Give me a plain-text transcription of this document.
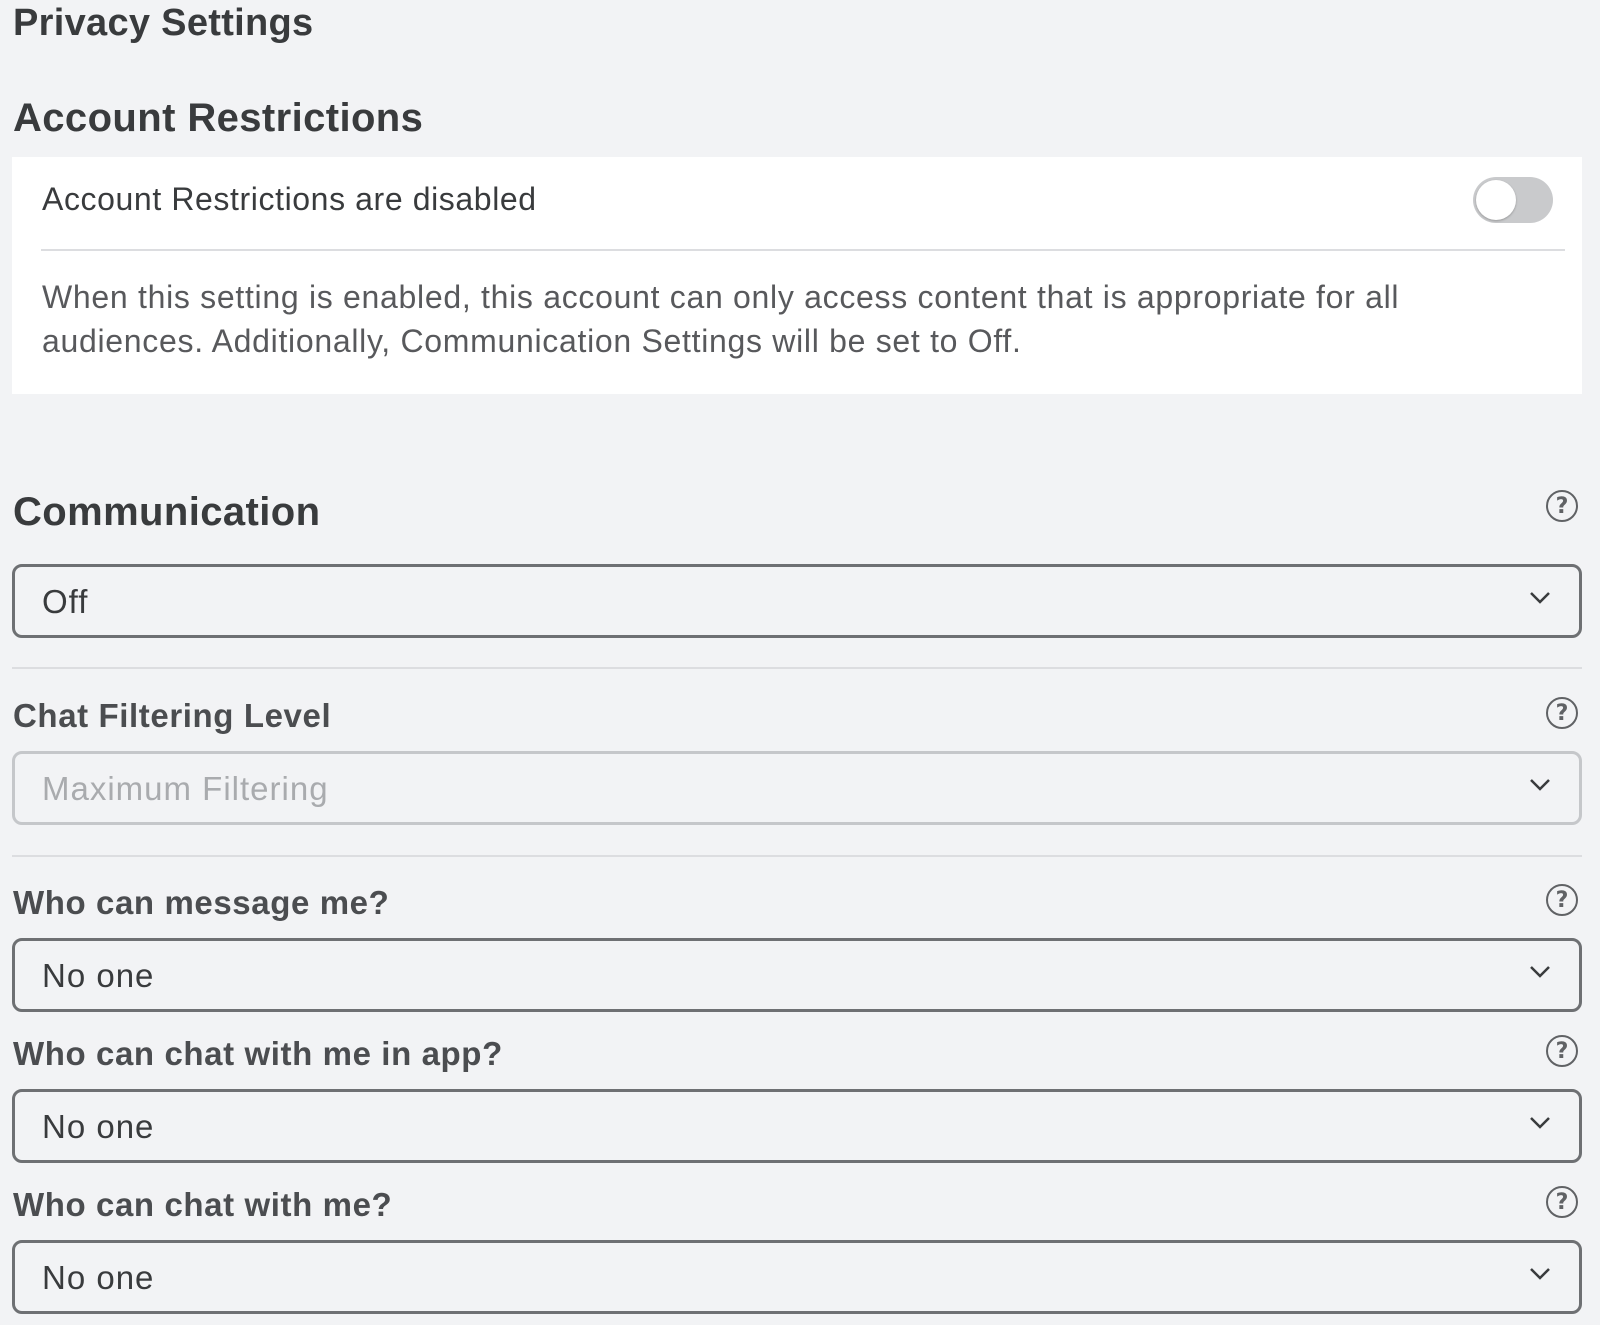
Privacy Settings
Account Restrictions
Account Restrictions are disabled

When this setting is enabled, this account can only access content that is appropriate for all audiences. Additionally, Communication Settings will be set to Off.

Communication	?
Off
Chat Filtering Level	?
Maximum Filtering
Who can message me?	?
No one
Who can chat with me in app?	?
No one
Who can chat with me?	?
No one
